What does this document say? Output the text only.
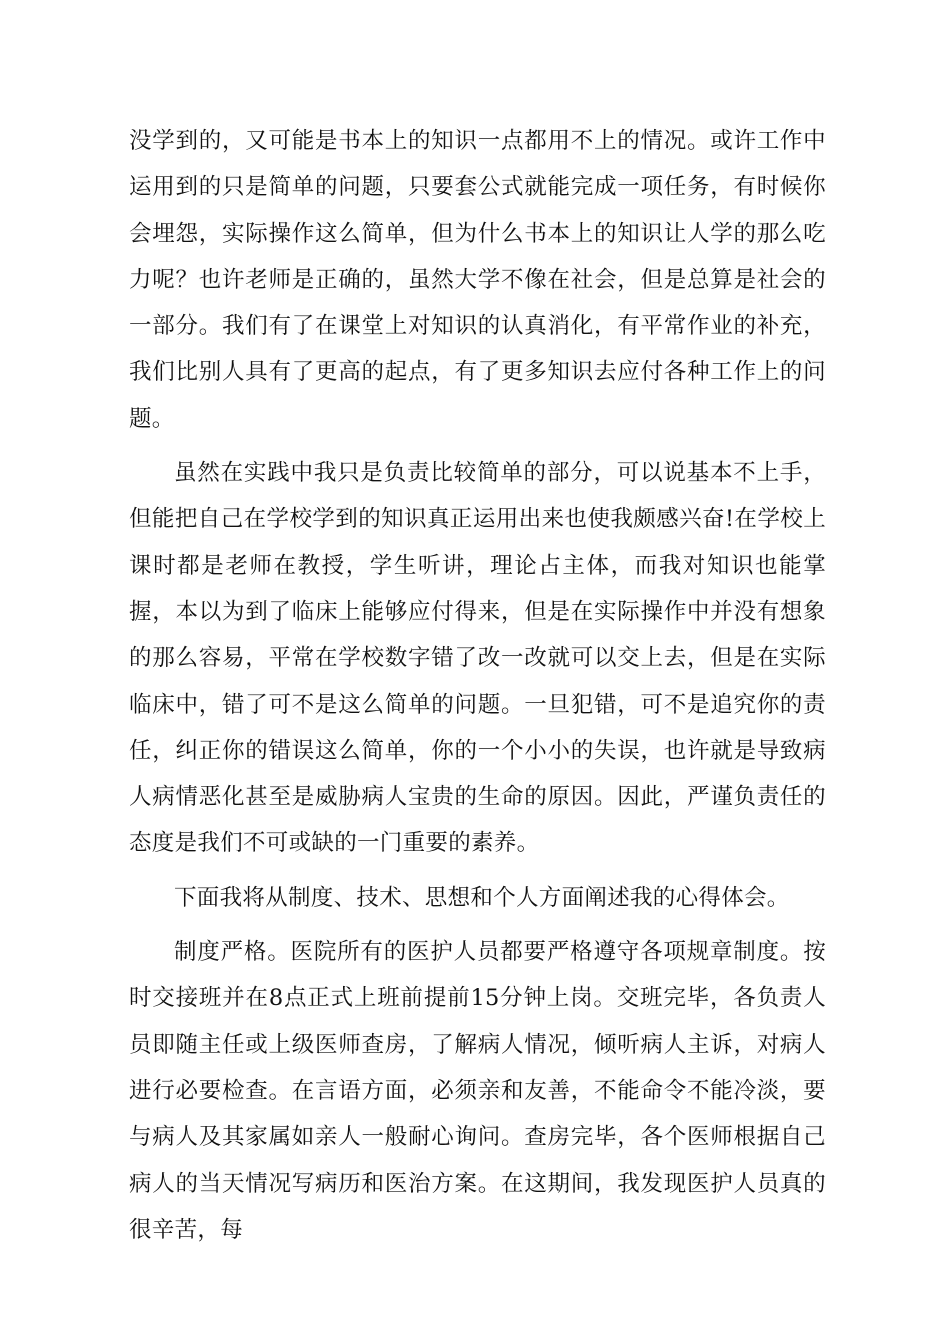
没学到的，又可能是书本上的知识一点都用不上的情况。或许工作中运用到的只是简单的问题，只要套公式就能完成一项任务，有时候你会埋怨，实际操作这么简单，但为什么书本上的知识让人学的那么吃力呢？也许老师是正确的，虽然大学不像在社会，但是总算是社会的一部分。我们有了在课堂上对知识的认真消化，有平常作业的补充，我们比别人具有了更高的起点，有了更多知识去应付各种工作上的问题。

虽然在实践中我只是负责比较简单的部分，可以说基本不上手，但能把自己在学校学到的知识真正运用出来也使我颇感兴奋!在学校上课时都是老师在教授，学生听讲，理论占主体，而我对知识也能掌握，本以为到了临床上能够应付得来，但是在实际操作中并没有想象的那么容易，平常在学校数字错了改一改就可以交上去，但是在实际临床中，错了可不是这么简单的问题。一旦犯错，可不是追究你的责任，纠正你的错误这么简单，你的一个小小的失误，也许就是导致病人病情恶化甚至是威胁病人宝贵的生命的原因。因此，严谨负责任的态度是我们不可或缺的一门重要的素养。

下面我将从制度、技术、思想和个人方面阐述我的心得体会。

制度严格。医院所有的医护人员都要严格遵守各项规章制度。按时交接班并在8点正式上班前提前15分钟上岗。交班完毕，各负责人员即随主任或上级医师查房，了解病人情况，倾听病人主诉，对病人进行必要检查。在言语方面，必须亲和友善，不能命令不能冷淡，要与病人及其家属如亲人一般耐心询问。查房完毕，各个医师根据自己病人的当天情况写病历和医治方案。在这期间，我发现医护人员真的很辛苦，每
